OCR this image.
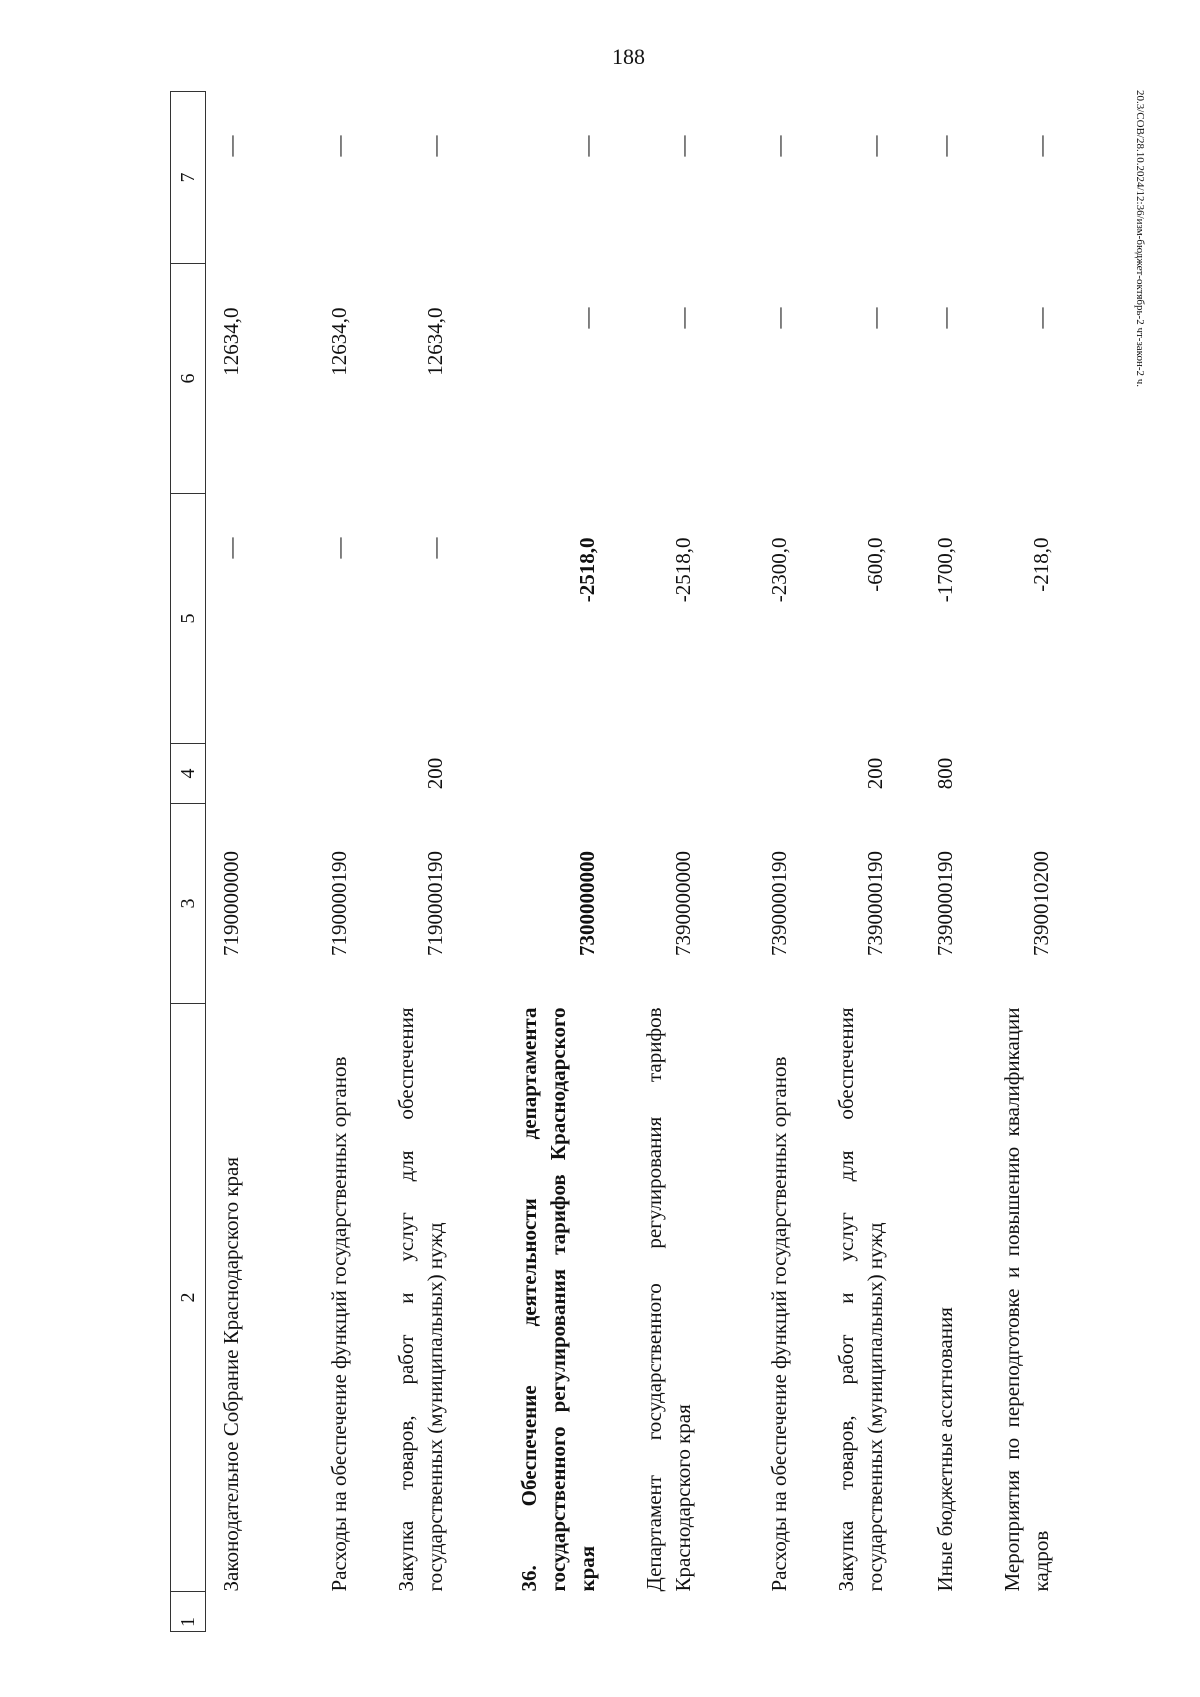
188
20.3/СОВ/28.10.2024/12:36/изм-бюджет-октябрь-2 чт-закон-2 ч.
1	2	3	4	5	6	7
	Законодательное Собрание Краснодарского края	7190000000		—	12634,0	—
	Расходы на обеспечение функций государственных органов	7190000190		—	12634,0	—
	Закупка товаров, работ и услуг для обеспечения государственных (муниципальных) нужд	7190000190	200	—	12634,0	—
	36. Обеспечение деятельности департамента государственного регулирования тарифов Краснодарского края	7300000000		-2518,0	—	—
	Департамент государственного регулирования тарифов Краснодарского края	7390000000		-2518,0	—	—
	Расходы на обеспечение функций государственных органов	7390000190		-2300,0	—	—
	Закупка товаров, работ и услуг для обеспечения государственных (муниципальных) нужд	7390000190	200	-600,0	—	—
	Иные бюджетные ассигнования	7390000190	800	-1700,0	—	—
	Мероприятия по переподготовке и повышению квалификации кадров	7390010200		-218,0	—	—
